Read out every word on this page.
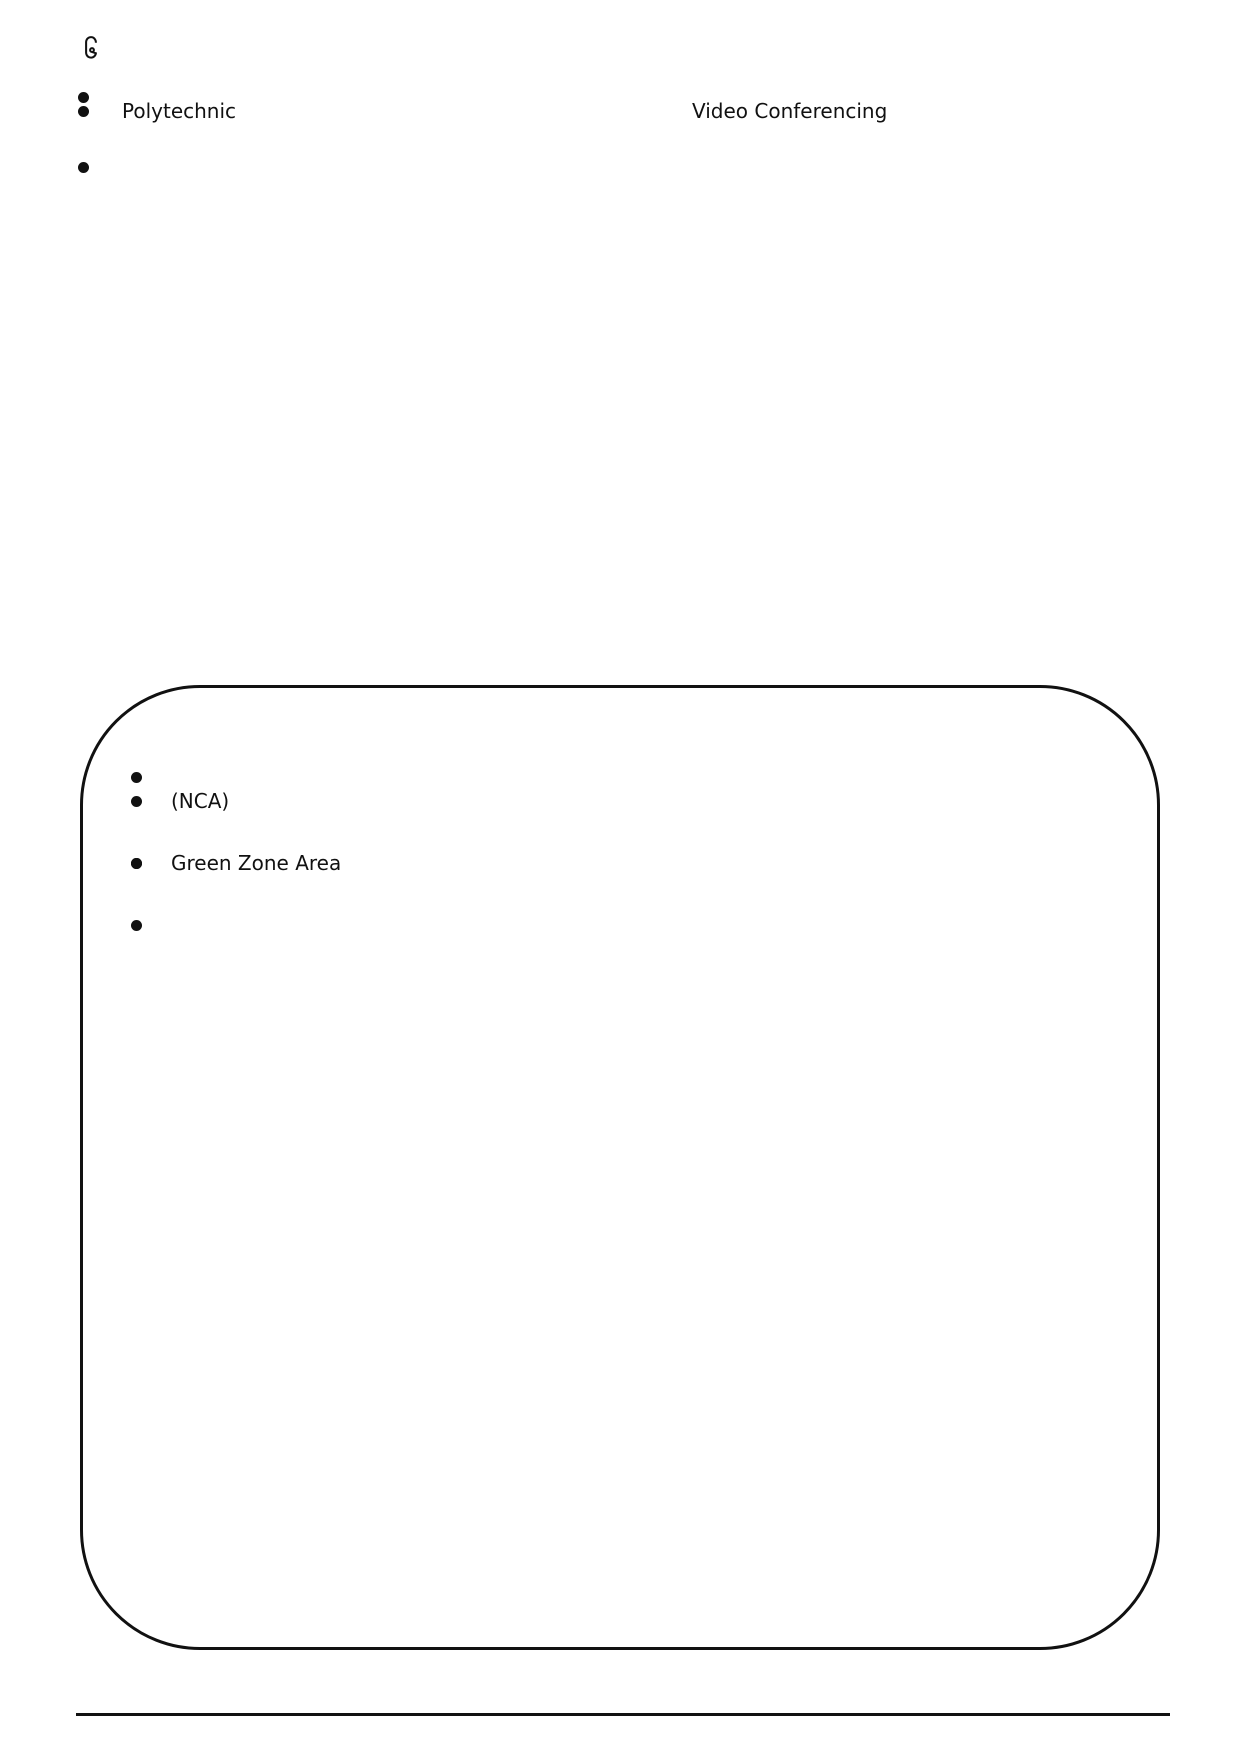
၆
Polytechnic	Video Conferencing
(NCA)
Green Zone Area
